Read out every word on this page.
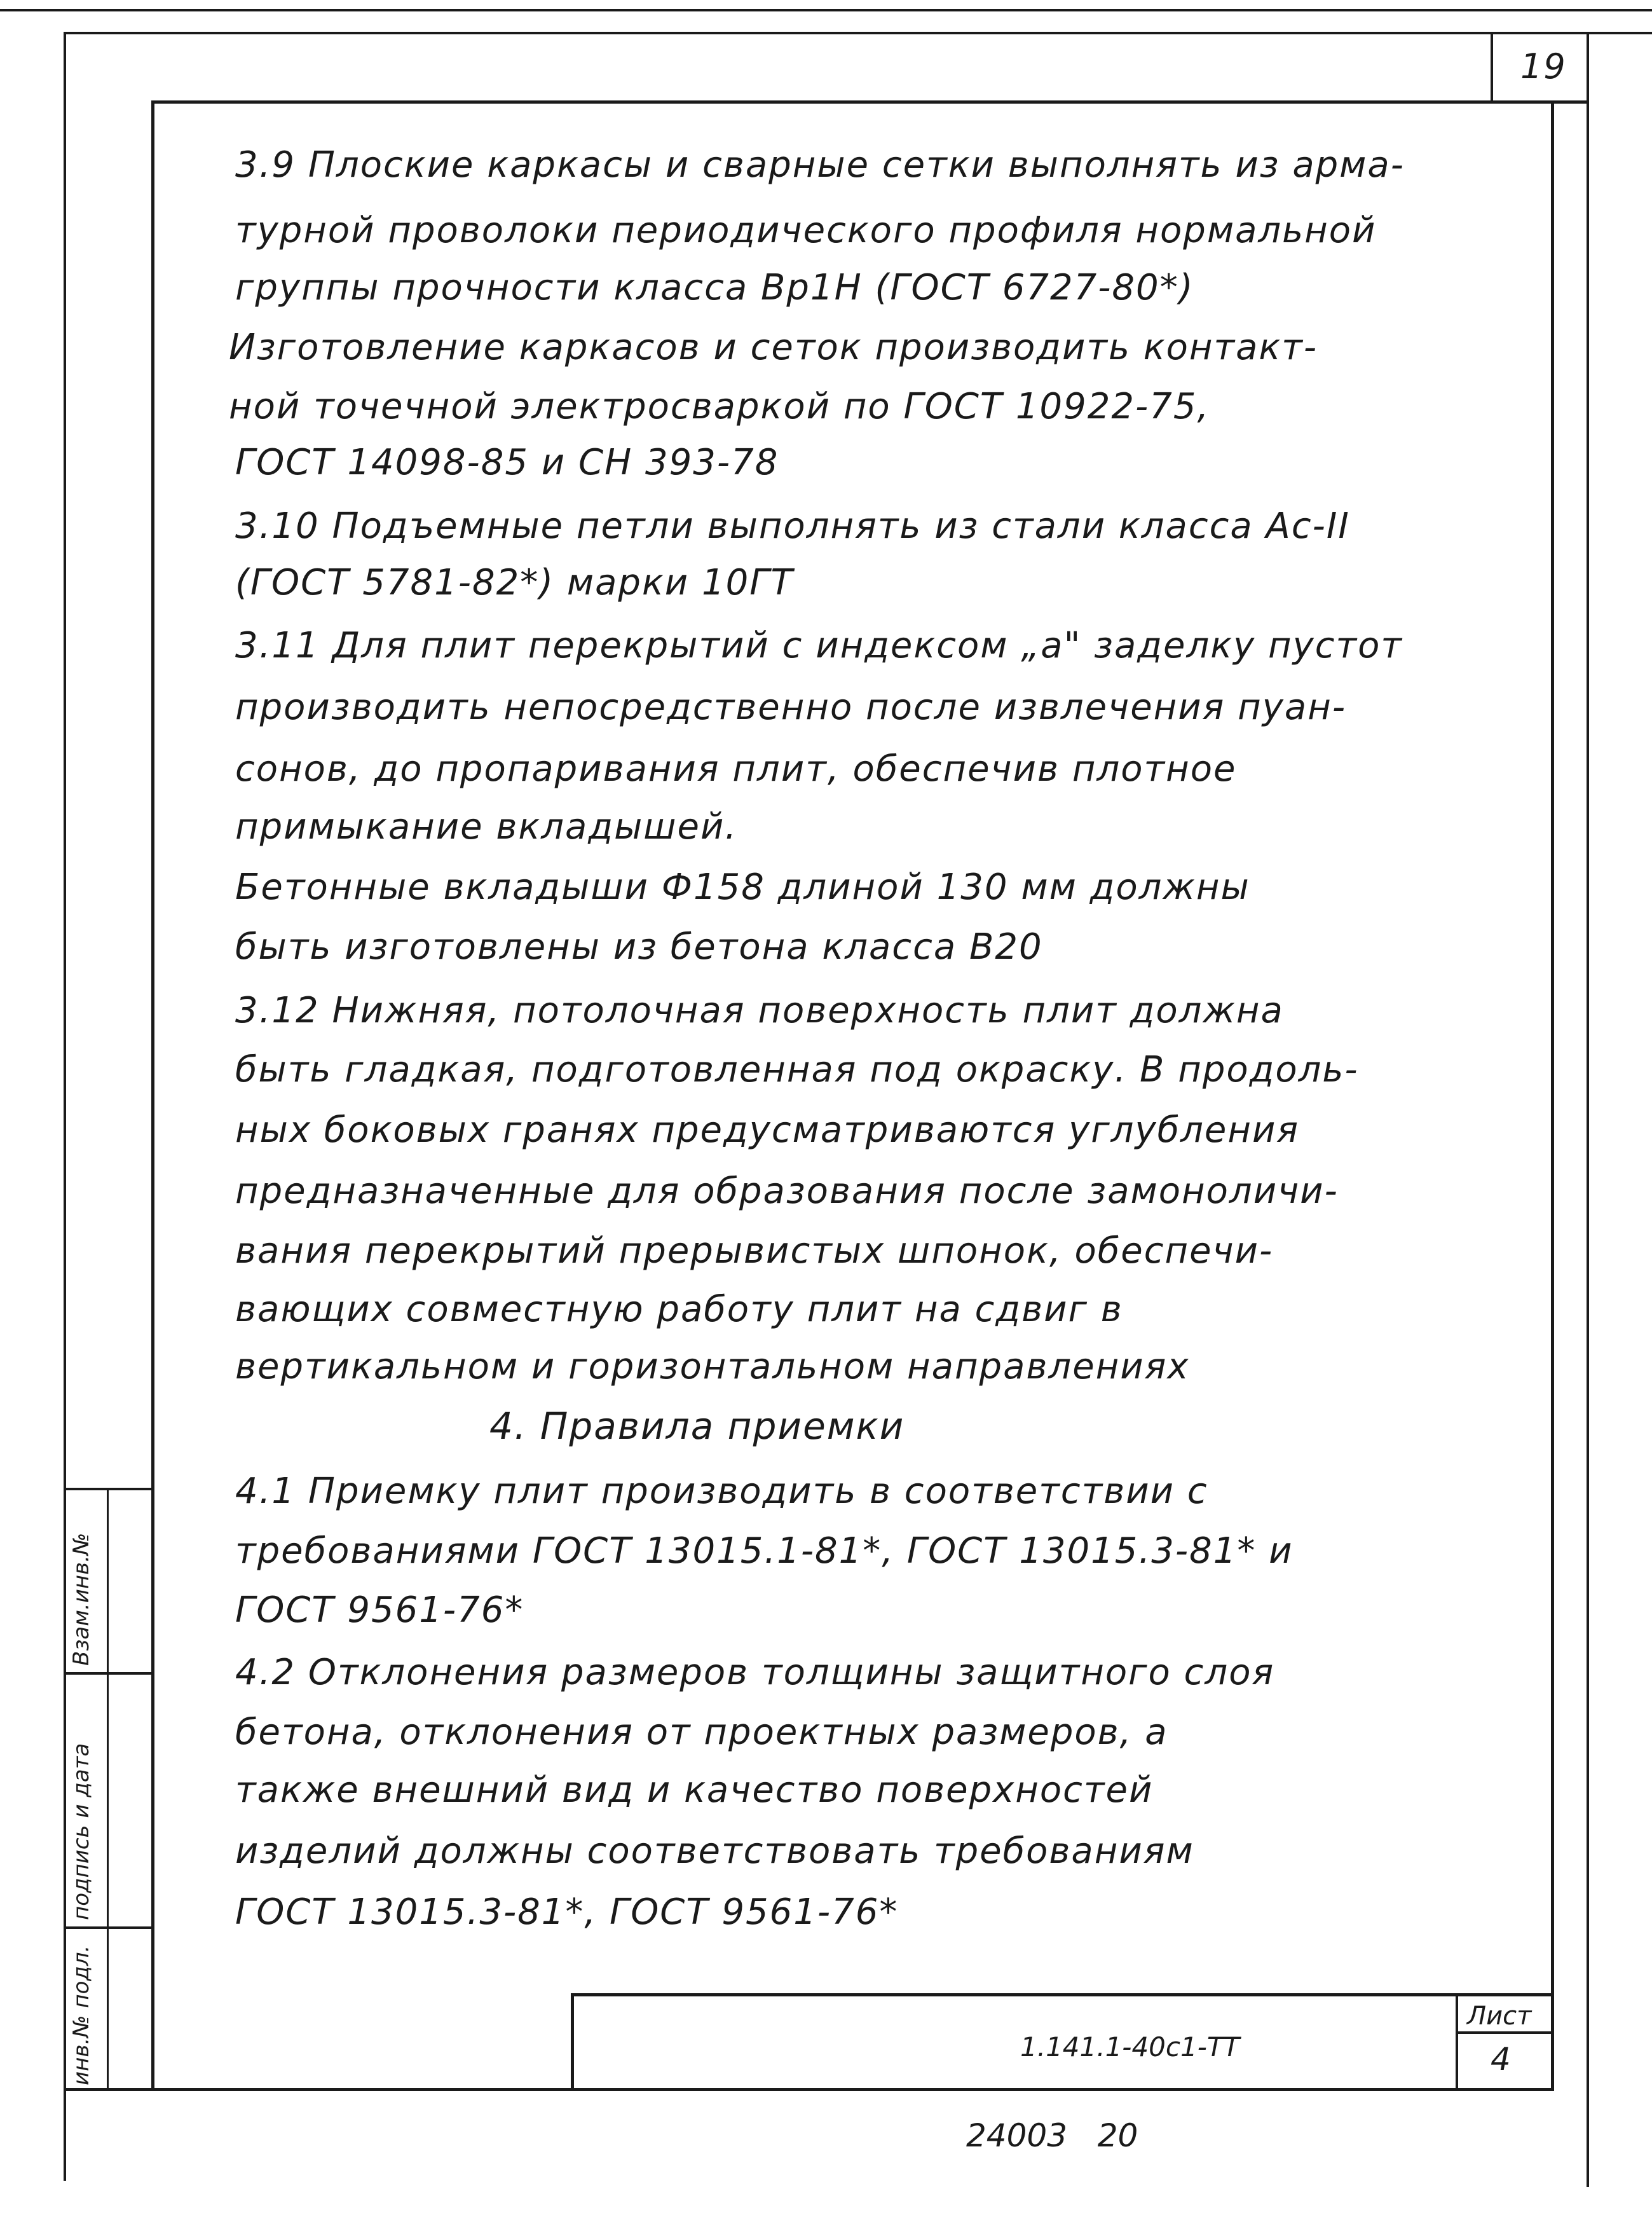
19
3.9 Плоские каркасы и сварные сетки выполнять из арма-
турной проволоки периодического профиля нормальной
группы прочности класса Вр1Н (ГОСТ 6727-80*)
Изготовление каркасов и сеток производить контакт-
ной точечной электросваркой по ГОСТ 10922-75,
ГОСТ 14098-85 и СН 393-78
3.10 Подъемные петли выполнять из стали класса Ас-II
(ГОСТ 5781-82*) марки 10ГТ
3.11 Для плит перекрытий с индексом „а" заделку пустот
производить непосредственно после извлечения пуан-
сонов, до пропаривания плит, обеспечив плотное
примыкание вкладышей.
Бетонные вкладыши Ф158 длиной 130 мм должны
быть изготовлены из бетона класса В20
3.12 Нижняя, потолочная поверхность плит должна
быть гладкая, подготовленная под окраску. В продоль-
ных боковых гранях предусматриваются углубления
предназначенные для образования после замоноличи-
вания перекрытий прерывистых шпонок, обеспечи-
вающих совместную работу плит на сдвиг в
вертикальном и горизонтальном направлениях
4. Правила приемки
4.1 Приемку плит производить в соответствии с
требованиями ГОСТ 13015.1-81*, ГОСТ 13015.3-81* и
ГОСТ 9561-76*
4.2 Отклонения размеров толщины защитного слоя
бетона, отклонения от проектных размеров, а
также внешний вид и качество поверхностей
изделий должны соответствовать требованиям
ГОСТ 13015.3-81*, ГОСТ 9561-76*
Взам.инв.№
подпись и дата
инв.№ подл.	1.141.1-40с1-ТТ
Лист
4
24003   20
